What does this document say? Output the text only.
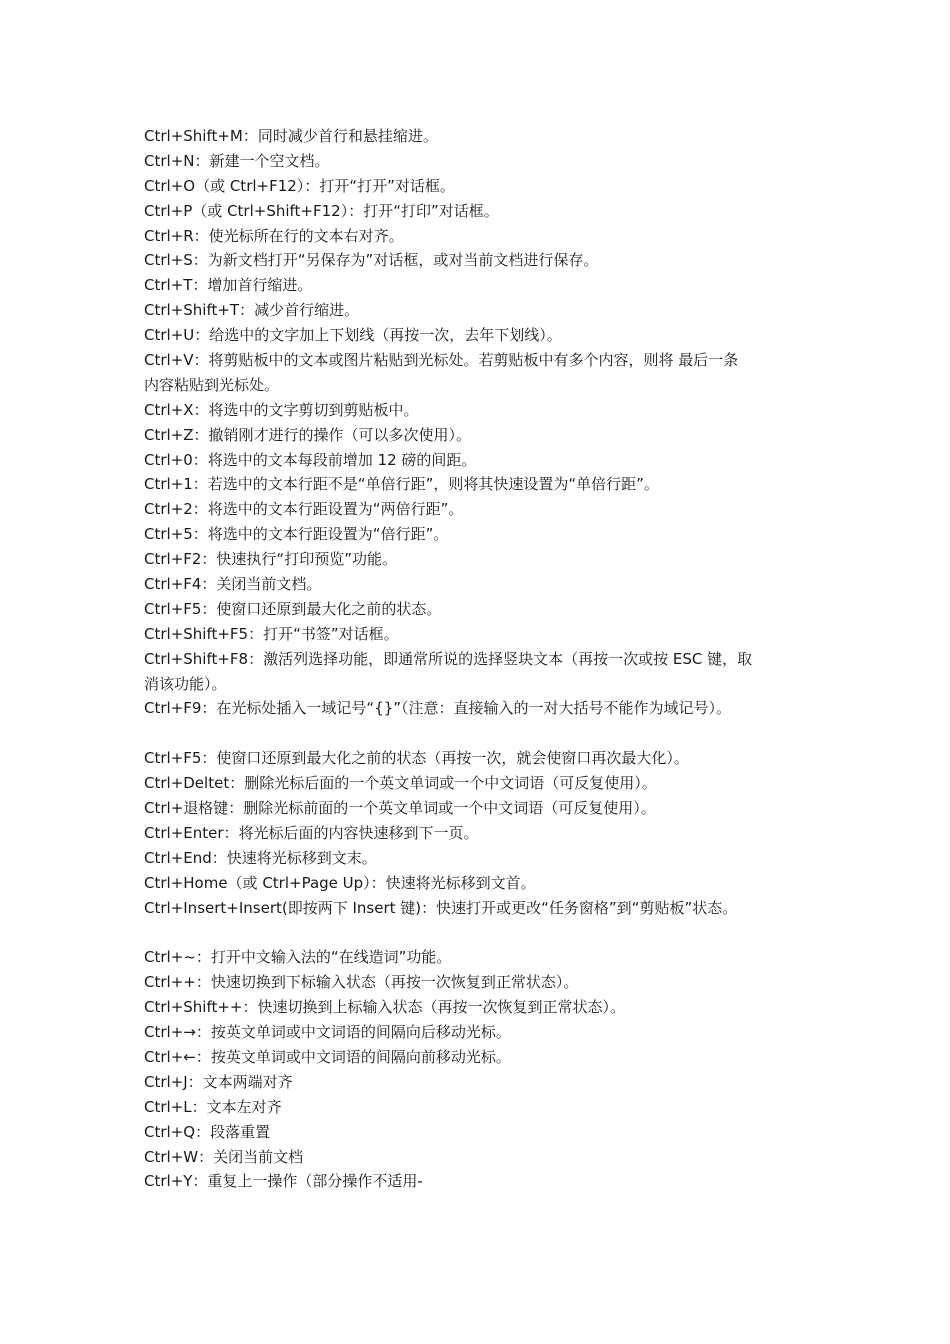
Ctrl+Shift+M：同时减少首行和悬挂缩进。

Ctrl+N：新建一个空文档。

Ctrl+O（或 Ctrl+F12）：打开“打开”对话框。

Ctrl+P（或 Ctrl+Shift+F12）：打开“打印”对话框。

Ctrl+R：使光标所在行的文本右对齐。

Ctrl+S：为新文档打开“另保存为”对话框，或对当前文档进行保存。

Ctrl+T：增加首行缩进。

Ctrl+Shift+T：减少首行缩进。

Ctrl+U：给选中的文字加上下划线（再按一次，去年下划线）。

Ctrl+V：将剪贴板中的文本或图片粘贴到光标处。若剪贴板中有多个内容，则将 最后一条

内容粘贴到光标处。

Ctrl+X：将选中的文字剪切到剪贴板中。

Ctrl+Z：撤销刚才进行的操作（可以多次使用）。

Ctrl+0：将选中的文本每段前增加 12 磅的间距。

Ctrl+1：若选中的文本行距不是“单倍行距”，则将其快速设置为“单倍行距”。

Ctrl+2：将选中的文本行距设置为“两倍行距”。

Ctrl+5：将选中的文本行距设置为“倍行距”。

Ctrl+F2：快速执行“打印预览”功能。

Ctrl+F4：关闭当前文档。

Ctrl+F5：使窗口还原到最大化之前的状态。

Ctrl+Shift+F5：打开“书签”对话框。

Ctrl+Shift+F8：激活列选择功能，即通常所说的选择竖块文本（再按一次或按 ESC 键，取

消该功能）。

Ctrl+F9：在光标处插入一域记号“{}”（注意：直接输入的一对大括号不能作为域记号）。

Ctrl+F5：使窗口还原到最大化之前的状态（再按一次，就会使窗口再次最大化）。

Ctrl+Deltet：删除光标后面的一个英文单词或一个中文词语（可反复使用）。

Ctrl+退格键：删除光标前面的一个英文单词或一个中文词语（可反复使用）。

Ctrl+Enter：将光标后面的内容快速移到下一页。

Ctrl+End：快速将光标移到文末。

Ctrl+Home（或 Ctrl+Page Up）：快速将光标移到文首。

Ctrl+Insert+Insert(即按两下 Insert 键)：快速打开或更改“任务窗格”到“剪贴板”状态。

Ctrl+~：打开中文输入法的“在线造词”功能。

Ctrl++：快速切换到下标输入状态（再按一次恢复到正常状态）。

Ctrl+Shift++：快速切换到上标输入状态（再按一次恢复到正常状态）。

Ctrl+→：按英文单词或中文词语的间隔向后移动光标。

Ctrl+←：按英文单词或中文词语的间隔向前移动光标。

Ctrl+J：文本两端对齐

Ctrl+L：文本左对齐

Ctrl+Q：段落重置

Ctrl+W：关闭当前文档

Ctrl+Y：重复上一操作（部分操作不适用-
